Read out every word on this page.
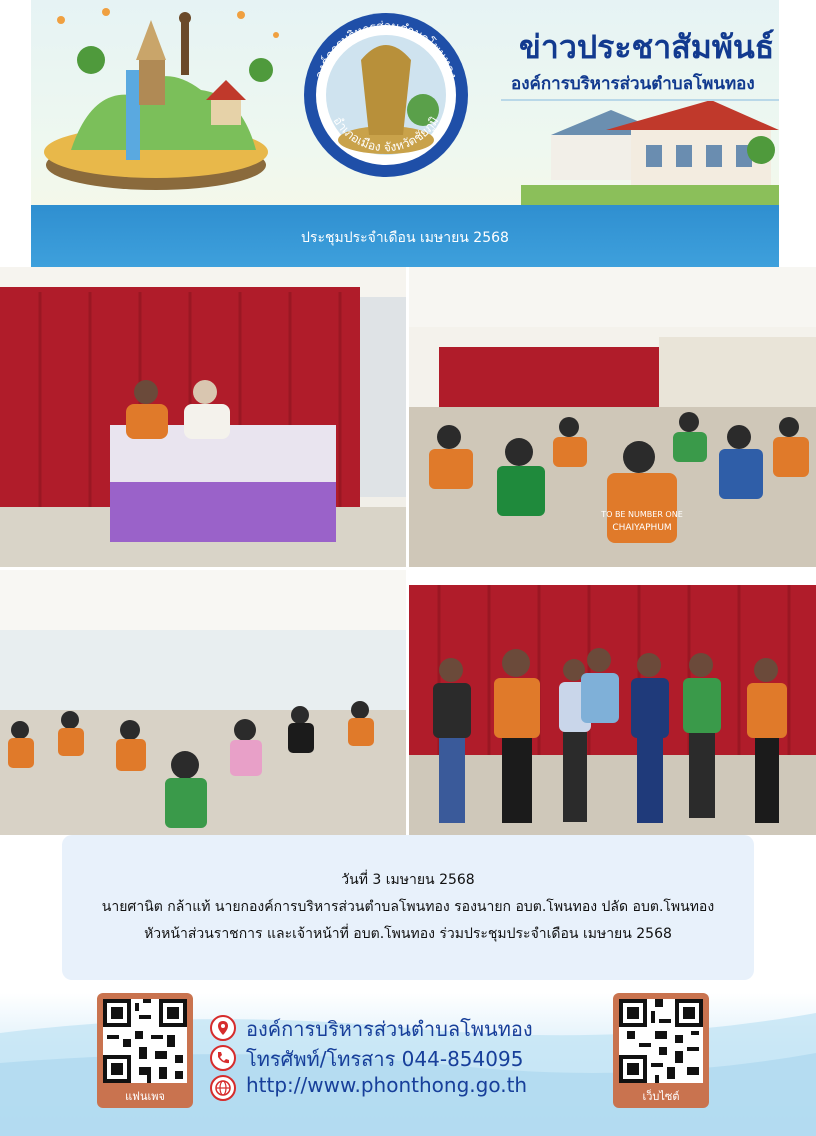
องค์การบริหารส่วนตำบลโพนทอง
อำเภอเมือง จังหวัดชัยภูมิ
ข่าวประชาสัมพันธ์
องค์การบริหารส่วนตำบลโพนทอง
ประชุมประจำเดือน เมษายน 2568
TO BE NUMBER ONE
CHAIYAPHUM

วันที่ 3 เมษายน 2568

นายศานิต กล้าแท้ นายกองค์การบริหารส่วนตำบลโพนทอง รองนายก อบต.โพนทอง ปลัด อบต.โพนทอง

หัวหน้าส่วนราชการ และเจ้าหน้าที่ อบต.โพนทอง ร่วมประชุมประจำเดือน เมษายน 2568

แฟนเพจ	เว็บไซต์
องค์การบริหารส่วนตำบลโพนทอง
โทรศัพท์/โทรสาร 044-854095
http://www.phonthong.go.th
